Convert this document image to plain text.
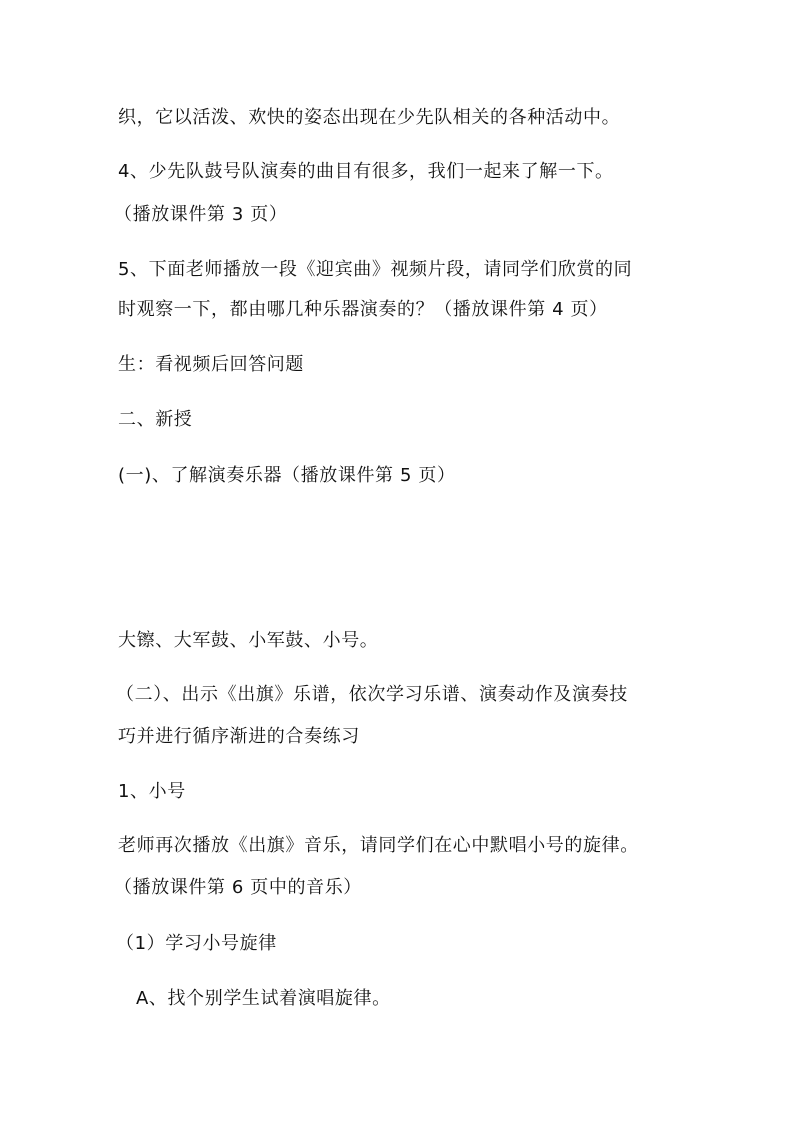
织，它以活泼、欢快的姿态出现在少先队相关的各种活动中。
4、少先队鼓号队演奏的曲目有很多，我们一起来了解一下。
（播放课件第 3 页）
5、下面老师播放一段《迎宾曲》视频片段，请同学们欣赏的同
时观察一下，都由哪几种乐器演奏的？（播放课件第 4 页）
生：看视频后回答问题
二、新授
(一)、了解演奏乐器（播放课件第 5 页）
大镲、大军鼓、小军鼓、小号。
（二）、出示《出旗》乐谱，依次学习乐谱、演奏动作及演奏技
巧并进行循序渐进的合奏练习
1、小号
老师再次播放《出旗》音乐，请同学们在心中默唱小号的旋律。
（播放课件第 6 页中的音乐）
（1）学习小号旋律
A、找个别学生试着演唱旋律。
